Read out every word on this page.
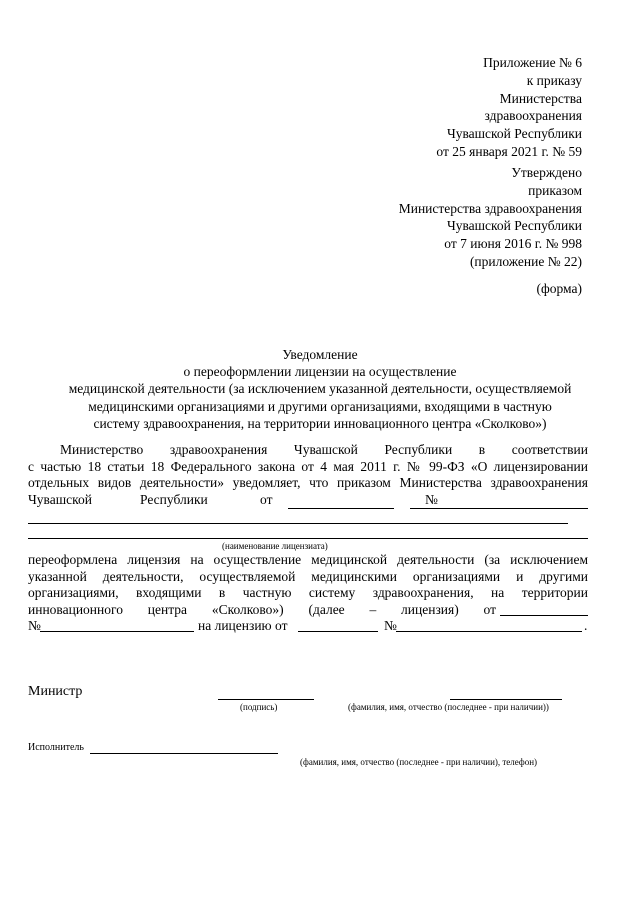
Приложение № 6
к приказу
Министерства
здравоохранения
Чувашской Республики
от 25 января 2021 г. № 59
Утверждено
приказом
Министерства здравоохранения
Чувашской Республики
от 7 июня 2016 г. № 998
(приложение № 22)
(форма)
Уведомление
о переоформлении лицензии на осуществление
медицинской деятельности (за исключением указанной деятельности, осуществляемой
медицинскими организациями и другими организациями, входящими в частную
систему здравоохранения, на территории инновационного центра «Сколково»)
Министерство здравоохранения Чувашской Республики в соответствии
с частью 18 статьи 18 Федерального закона от 4 мая 2011 г. № 99-ФЗ «О лицензировании
отдельных видов деятельности» уведомляет, что приказом Министерства здравоохранения
Чувашской	Республики	от	№
(наименование лицензиата)
переоформлена лицензия на осуществление медицинской деятельности (за исключением
указанной деятельности, осуществляемой медицинскими организациями и другими
организациями, входящими в частную систему здравоохранения, на территории
инновационного центра «Сколково») (далее – лицензия) от
№	на лицензию от	№	.
Министр
(подпись)	(фамилия, имя, отчество (последнее - при наличии))
Исполнитель
(фамилия, имя, отчество (последнее - при наличии), телефон)
